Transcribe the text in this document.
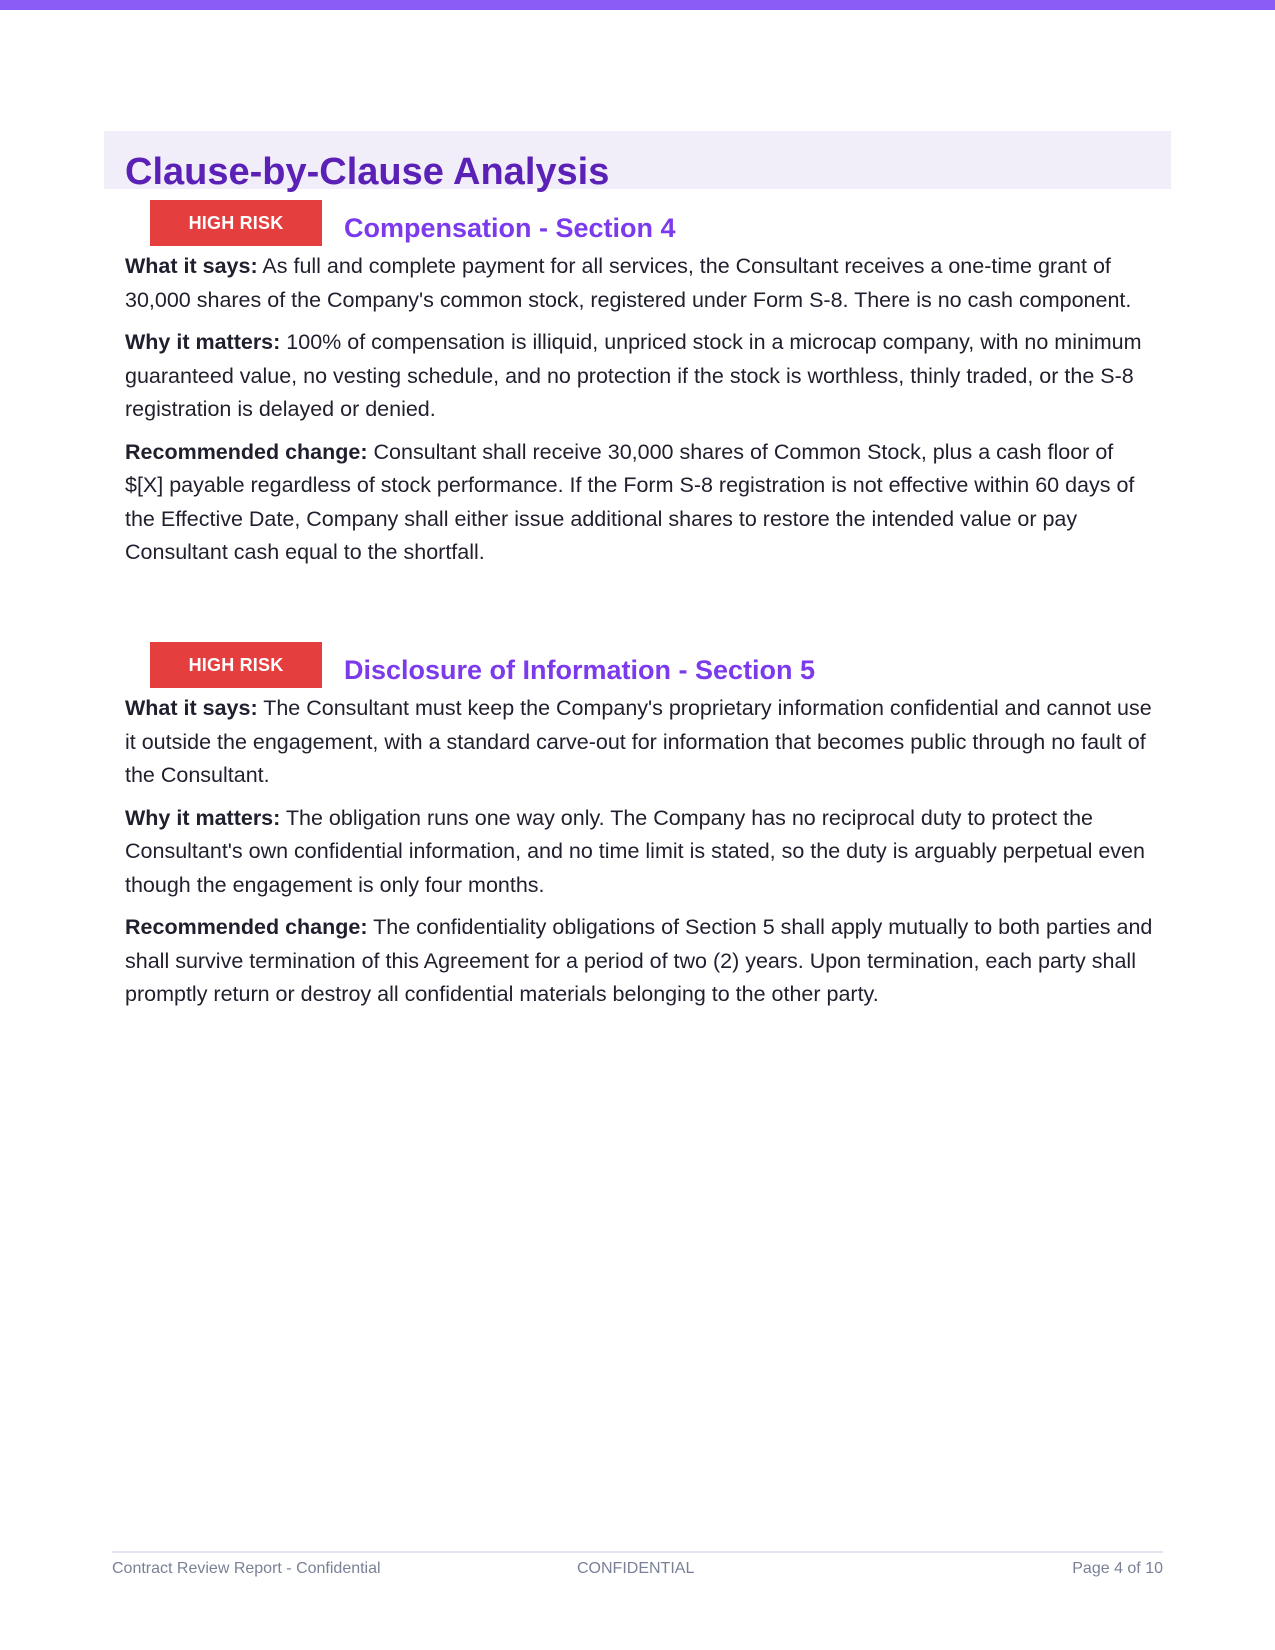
Clause-by-Clause Analysis
HIGH RISK	Compensation - Section 4

What it says: As full and complete payment for all services, the Consultant receives a one-time grant of 30,000 shares of the Company's common stock, registered under Form S-8. There is no cash component.

Why it matters: 100% of compensation is illiquid, unpriced stock in a microcap company, with no minimum guaranteed value, no vesting schedule, and no protection if the stock is worthless, thinly traded, or the S-8 registration is delayed or denied.

Recommended change: Consultant shall receive 30,000 shares of Common Stock, plus a cash floor of $[X] payable regardless of stock performance. If the Form S-8 registration is not effective within 60 days of the Effective Date, Company shall either issue additional shares to restore the intended value or pay Consultant cash equal to the shortfall.

HIGH RISK	Disclosure of Information - Section 5

What it says: The Consultant must keep the Company's proprietary information confidential and cannot use it outside the engagement, with a standard carve-out for information that becomes public through no fault of the Consultant.

Why it matters: The obligation runs one way only. The Company has no reciprocal duty to protect the Consultant's own confidential information, and no time limit is stated, so the duty is arguably perpetual even though the engagement is only four months.

Recommended change: The confidentiality obligations of Section 5 shall apply mutually to both parties and shall survive termination of this Agreement for a period of two (2) years. Upon termination, each party shall promptly return or destroy all confidential materials belonging to the other party.

Contract Review Report - Confidential	CONFIDENTIAL	Page 4 of 10
